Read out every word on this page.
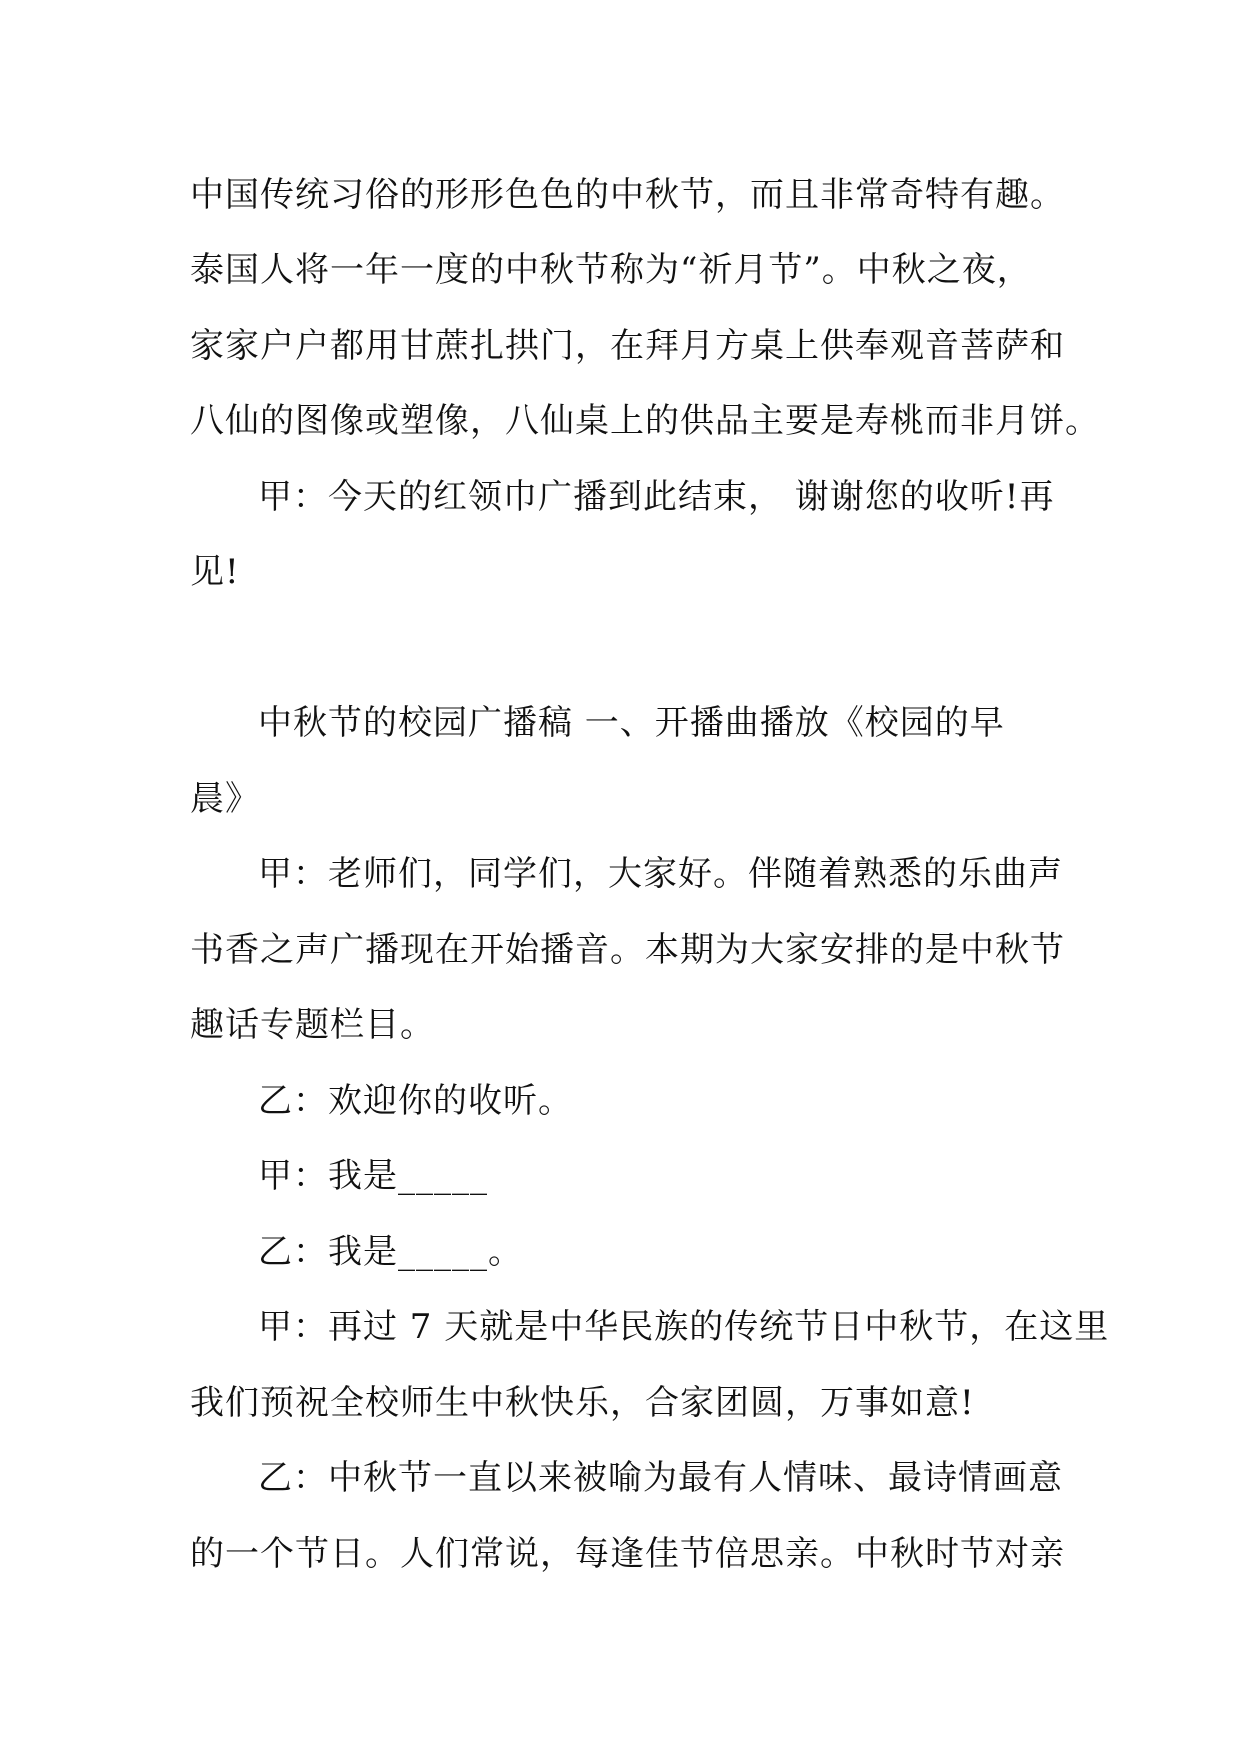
中国传统习俗的形形色色的中秋节，而且非常奇特有趣。
泰国人将一年一度的中秋节称为“祈月节”。中秋之夜，
家家户户都用甘蔗扎拱门，在拜月方桌上供奉观音菩萨和
八仙的图像或塑像，八仙桌上的供品主要是寿桃而非月饼。
甲：今天的红领巾广播到此结束， 谢谢您的收听!再
见!
中秋节的校园广播稿 一、开播曲播放《校园的早
晨》
甲：老师们，同学们，大家好。伴随着熟悉的乐曲声
书香之声广播现在开始播音。本期为大家安排的是中秋节
趣话专题栏目。
乙：欢迎你的收听。
甲：我是_____
乙：我是_____。
甲：再过 7 天就是中华民族的传统节日中秋节，在这里
我们预祝全校师生中秋快乐，合家团圆，万事如意!
乙：中秋节一直以来被喻为最有人情味、最诗情画意
的一个节日。人们常说，每逢佳节倍思亲。中秋时节对亲
